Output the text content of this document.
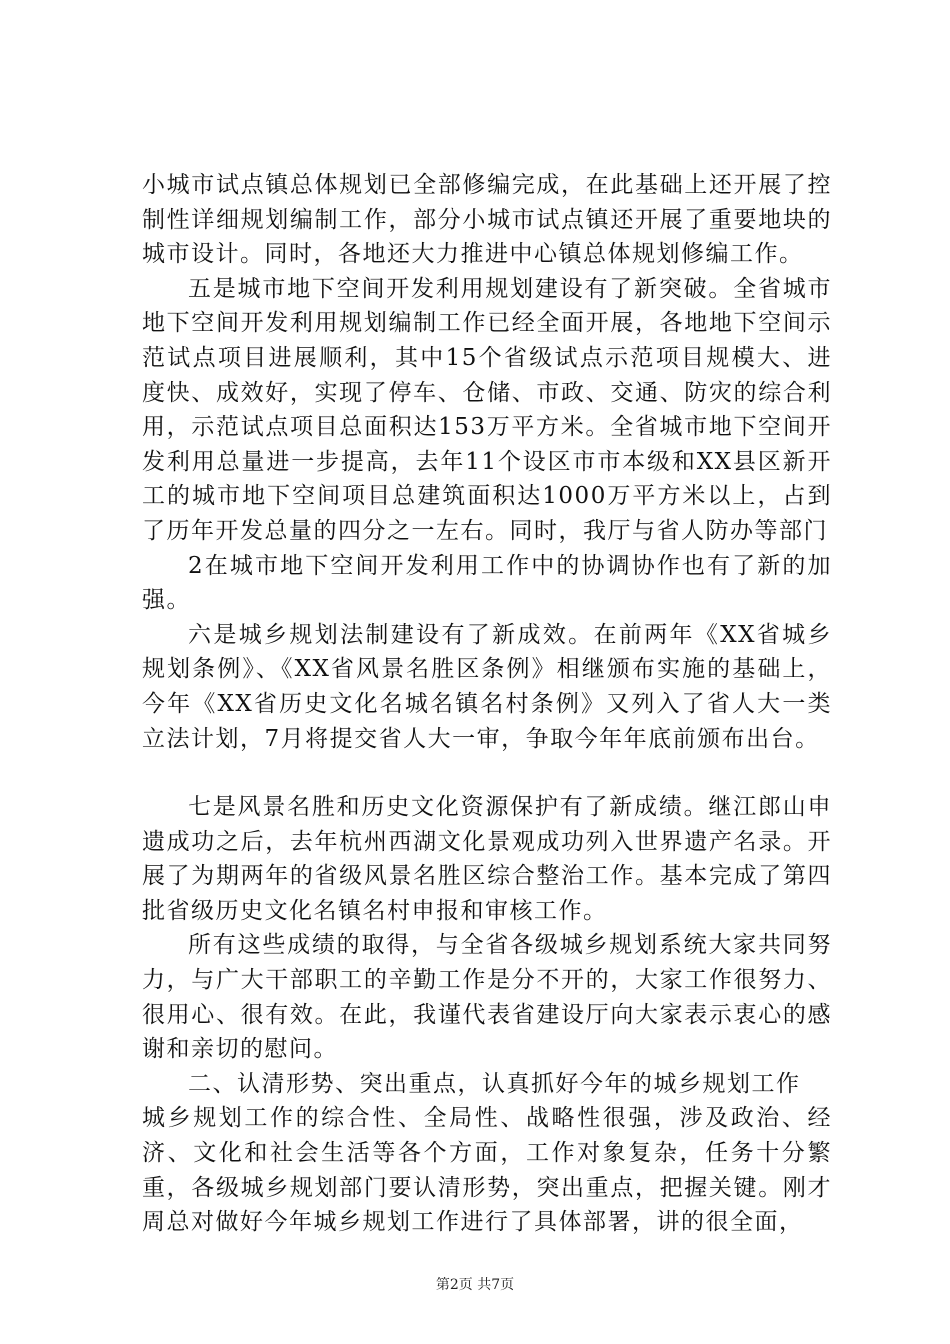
小城市试点镇总体规划已全部修编完成，在此基础上还开展了控制性详细规划编制工作，部分小城市试点镇还开展了重要地块的城市设计。同时，各地还大力推进中心镇总体规划修编工作。

五是城市地下空间开发利用规划建设有了新突破。全省城市地下空间开发利用规划编制工作已经全面开展，各地地下空间示范试点项目进展顺利，其中15个省级试点示范项目规模大、进度快、成效好，实现了停车、仓储、市政、交通、防灾的综合利用，示范试点项目总面积达153万平方米。全省城市地下空间开发利用总量进一步提高，去年11个设区市市本级和XX县区新开工的城市地下空间项目总建筑面积达1000万平方米以上，占到了历年开发总量的四分之一左右。同时，我厅与省人防办等部门

2在城市地下空间开发利用工作中的协调协作也有了新的加强。

六是城乡规划法制建设有了新成效。在前两年《XX省城乡规划条例》、《XX省风景名胜区条例》相继颁布实施的基础上，今年《XX省历史文化名城名镇名村条例》又列入了省人大一类立法计划，7月将提交省人大一审，争取今年年底前颁布出台。

七是风景名胜和历史文化资源保护有了新成绩。继江郎山申遗成功之后，去年杭州西湖文化景观成功列入世界遗产名录。开展了为期两年的省级风景名胜区综合整治工作。基本完成了第四批省级历史文化名镇名村申报和审核工作。

所有这些成绩的取得，与全省各级城乡规划系统大家共同努力，与广大干部职工的辛勤工作是分不开的，大家工作很努力、很用心、很有效。在此，我谨代表省建设厅向大家表示衷心的感谢和亲切的慰问。

二、认清形势、突出重点，认真抓好今年的城乡规划工作

城乡规划工作的综合性、全局性、战略性很强，涉及政治、经济、文化和社会生活等各个方面，工作对象复杂，任务十分繁重，各级城乡规划部门要认清形势，突出重点，把握关键。刚才周总对做好今年城乡规划工作进行了具体部署，讲的很全面，

第2页 共7页
